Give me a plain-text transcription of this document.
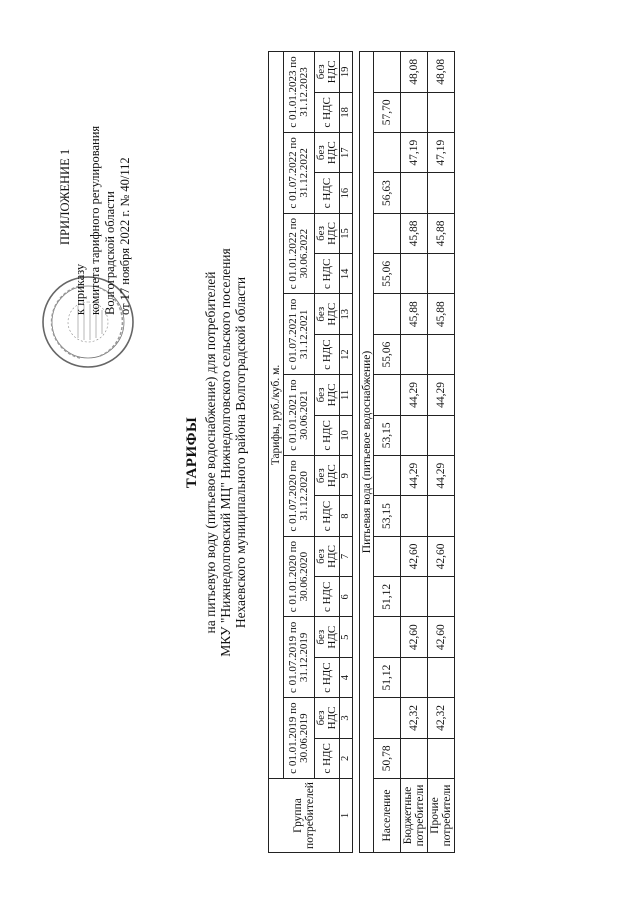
ПРИЛОЖЕНИЕ 1
к приказу комитета тарифного регулирования Волгоградской области от 17 ноября 2022 г. № 40/112
ТАРИФЫ на питьевую воду (питьевое водоснабжение) для потребителей МКУ "Нижнедолговский МЦ" Нижнедолговского сельского поселения Нехаевского муниципального района Волгоградской области
Группа потребителей	Тарифы, руб./куб. м.																	
	с 01.01.2019 по 30.06.2019		с 01.07.2019 по 31.12.2019		с 01.01.2020 по 30.06.2020		с 01.07.2020 по 31.12.2020		с 01.01.2021 по 30.06.2021		с 01.07.2021 по 31.12.2021		с 01.01.2022 по 30.06.2022		с 01.07.2022 по 31.12.2022		с 01.01.2023 по 31.12.2023	
	с НДС	без НДС	с НДС	без НДС	с НДС	без НДС	с НДС	без НДС	с НДС	без НДС	с НДС	без НДС	с НДС	без НДС	с НДС	без НДС	с НДС	без НДС
1	2	3	4	5	6	7	8	9	10	11	12	13	14	15	16	17	18	19

Питьевая вода (питьевое водоснабжение)																		
Население	50,78		51,12		51,12		53,15		53,15		55,06		55,06		56,63		57,70	
Бюджетные потребители		42,32		42,60		42,60		44,29		44,29		45,88		45,88		47,19		48,08
Прочие потребители		42,32		42,60		42,60		44,29		44,29		45,88		45,88		47,19		48,08
